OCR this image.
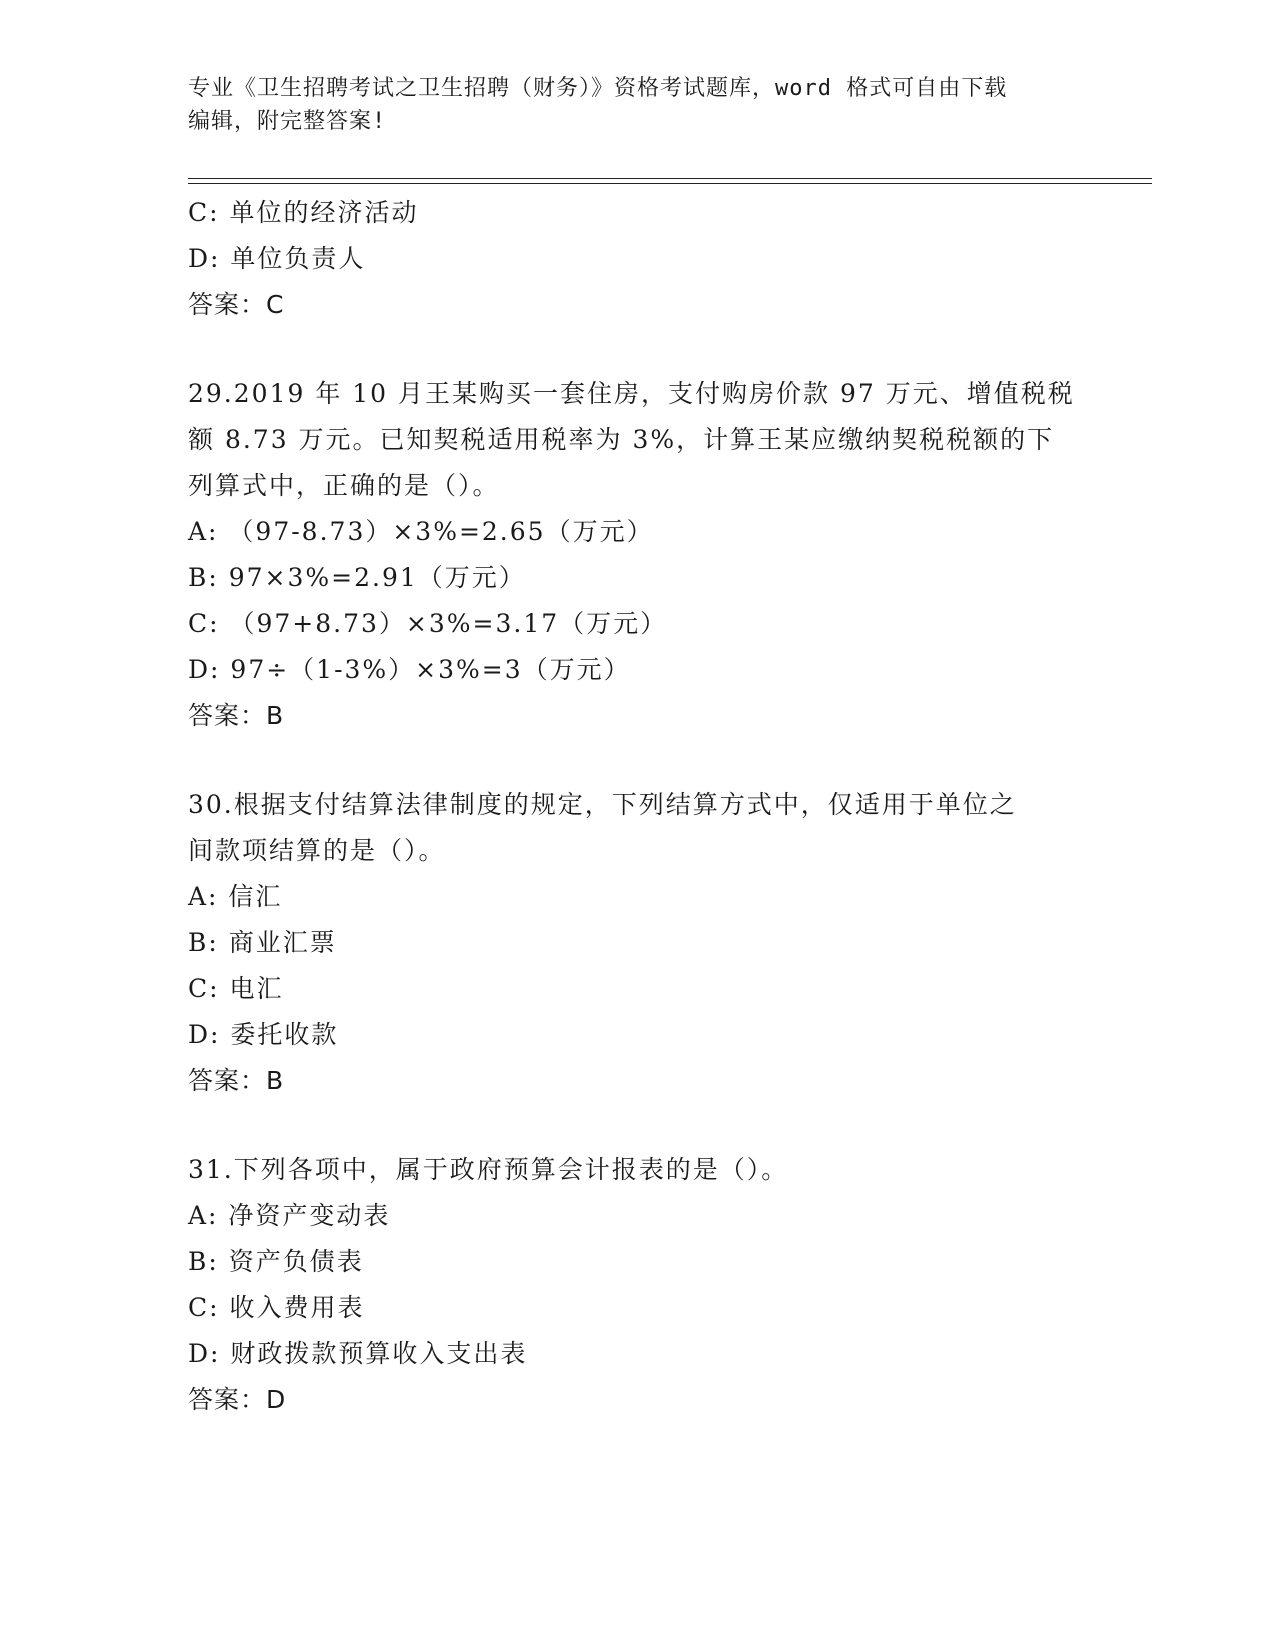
专业《卫生招聘考试之卫生招聘（财务）》资格考试题库，word 格式可自由下载
编辑，附完整答案!
C: 单位的经济活动
D: 单位负责人
答案：C
29.2019 年 10 月王某购买一套住房，支付购房价款 97 万元、增值税税
额 8.73 万元。已知契税适用税率为 3%，计算王某应缴纳契税税额的下
列算式中，正确的是（）。
A: （97-8.73）×3%=2.65（万元）
B: 97×3%=2.91（万元）
C: （97+8.73）×3%=3.17（万元）
D: 97÷（1-3%）×3%=3（万元）
答案：B
30.根据支付结算法律制度的规定，下列结算方式中，仅适用于单位之
间款项结算的是（）。
A: 信汇
B: 商业汇票
C: 电汇
D: 委托收款
答案：B
31.下列各项中，属于政府预算会计报表的是（）。
A: 净资产变动表
B: 资产负债表
C: 收入费用表
D: 财政拨款预算收入支出表
答案：D
